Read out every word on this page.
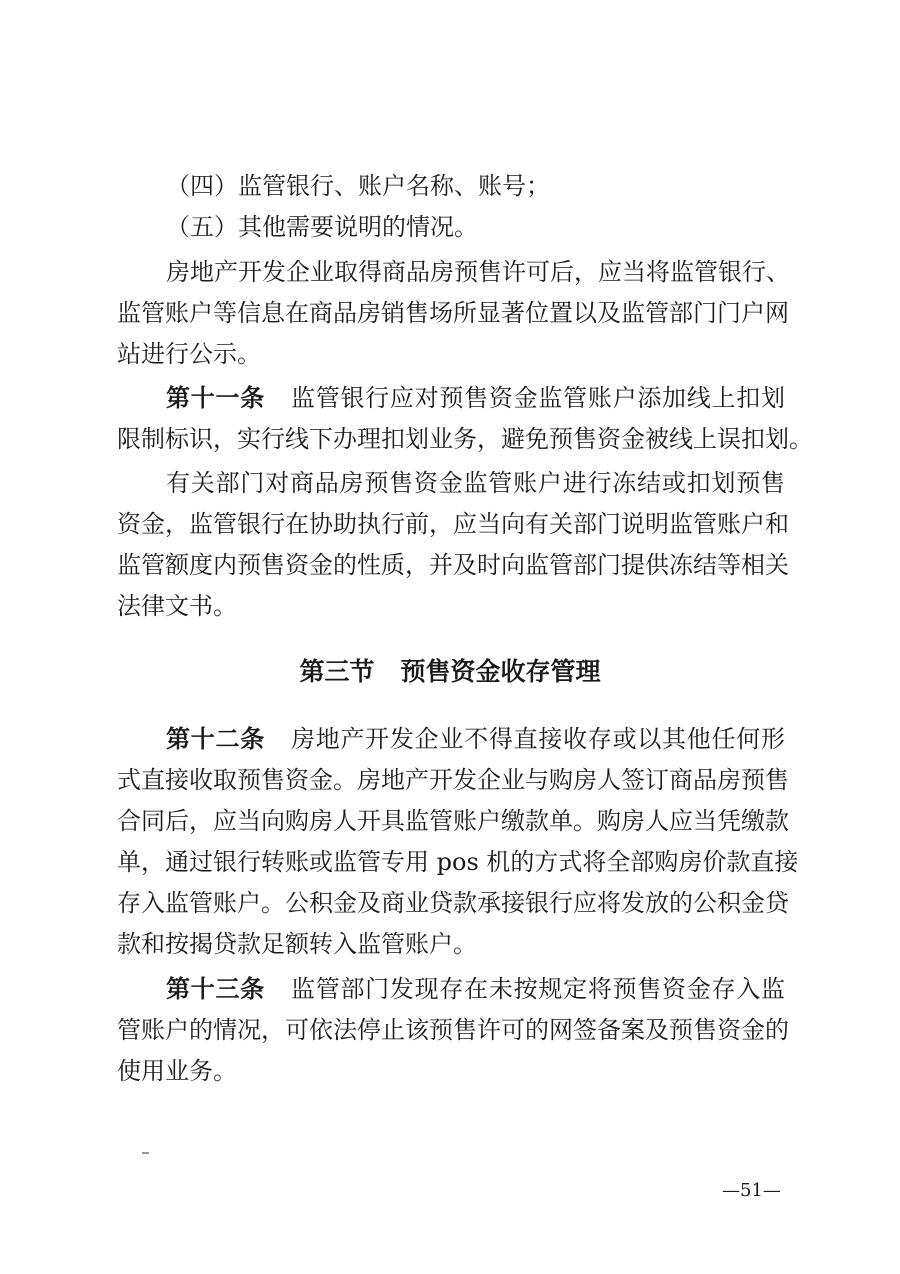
（四）监管银行、账户名称、账号；
（五）其他需要说明的情况。
房地产开发企业取得商品房预售许可后，应当将监管银行、
监管账户等信息在商品房销售场所显著位置以及监管部门门户网
站进行公示。
第十一条 监管银行应对预售资金监管账户添加线上扣划
限制标识，实行线下办理扣划业务，避免预售资金被线上误扣划。
有关部门对商品房预售资金监管账户进行冻结或扣划预售
资金，监管银行在协助执行前，应当向有关部门说明监管账户和
监管额度内预售资金的性质，并及时向监管部门提供冻结等相关
法律文书。
第三节 预售资金收存管理
第十二条 房地产开发企业不得直接收存或以其他任何形
式直接收取预售资金。房地产开发企业与购房人签订商品房预售
合同后，应当向购房人开具监管账户缴款单。购房人应当凭缴款
单，通过银行转账或监管专用 pos 机的方式将全部购房价款直接
存入监管账户。公积金及商业贷款承接银行应将发放的公积金贷
款和按揭贷款足额转入监管账户。
第十三条 监管部门发现存在未按规定将预售资金存入监
管账户的情况，可依法停止该预售许可的网签备案及预售资金的
使用业务。
—51—
